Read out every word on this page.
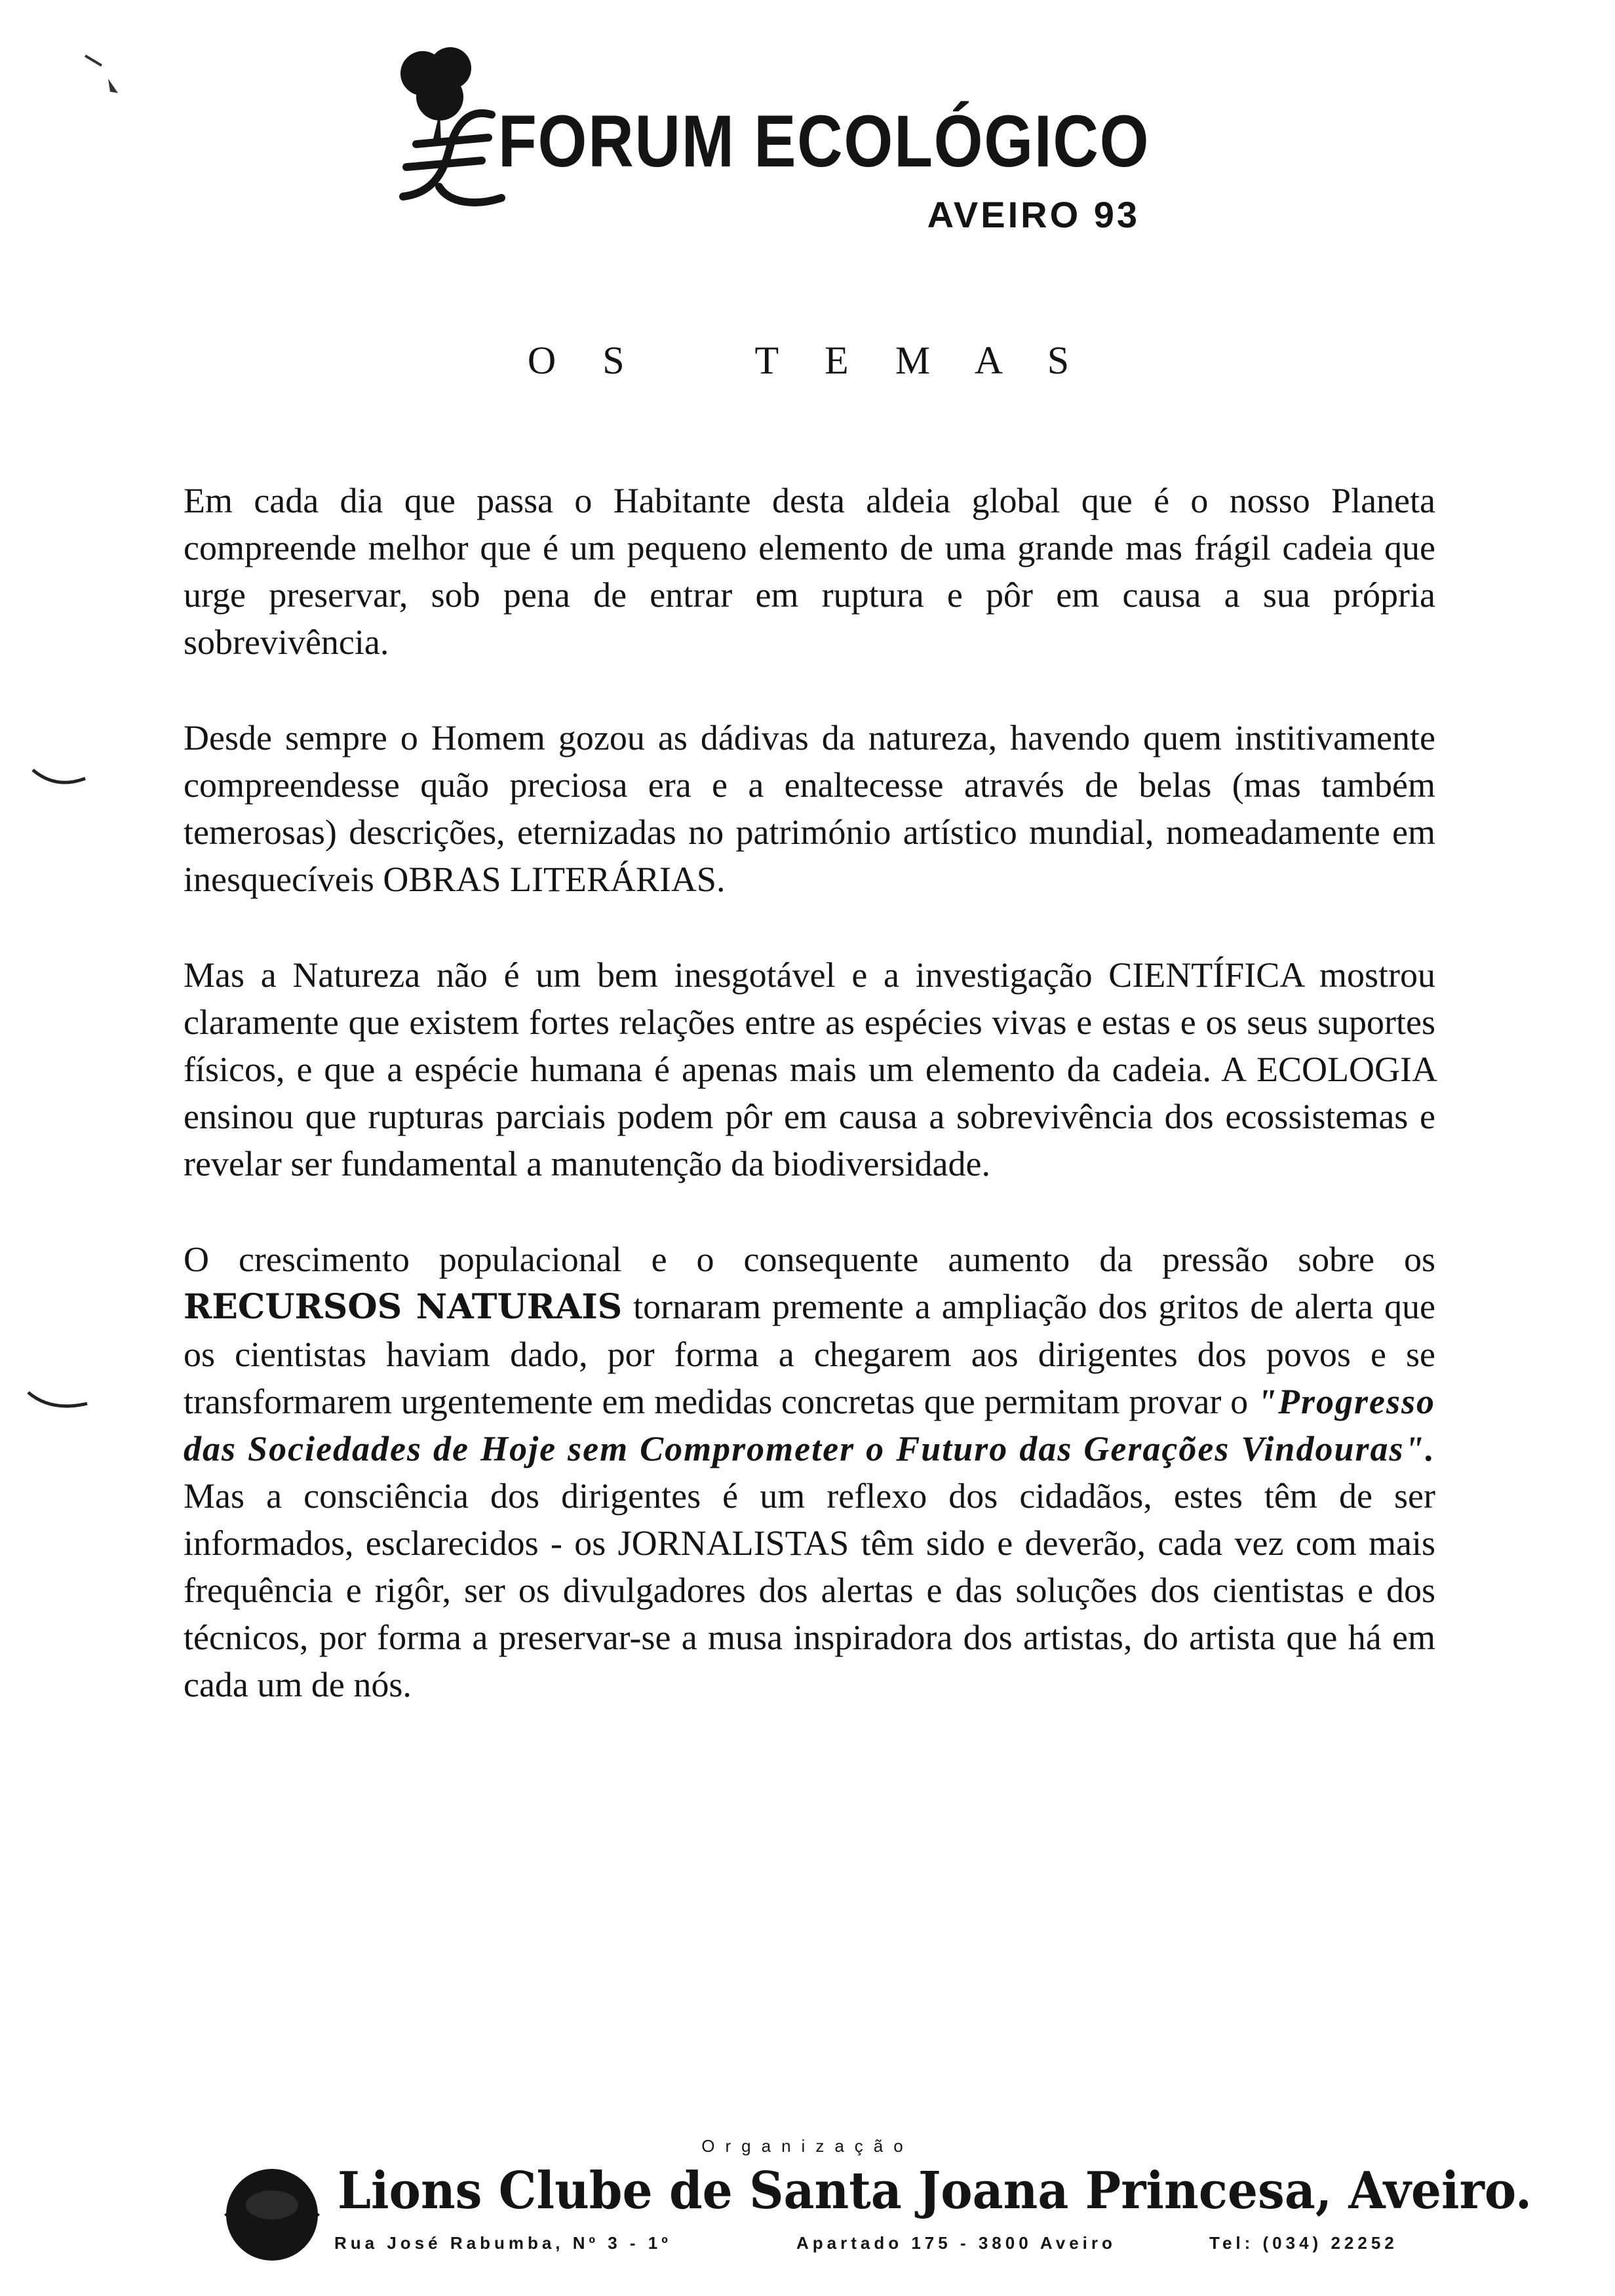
FORUM ECOLÓGICO
AVEIRO 93
O S    T E M A S

Em cada dia que passa o Habitante desta aldeia global que é o nosso Planeta compreende melhor que é um pequeno elemento de uma grande mas frágil cadeia que urge preservar, sob pena de entrar em ruptura e pôr em causa a sua própria sobrevivência.

Desde sempre o Homem gozou as dádivas da natureza, havendo quem institivamente compreendesse quão preciosa era e a enaltecesse através de belas (mas também temerosas) descrições, eternizadas no património artístico mundial, nomeadamente em inesquecíveis OBRAS LITERÁRIAS.

Mas a Natureza não é um bem inesgotável e a investigação CIENTÍFICA mostrou claramente que existem fortes relações entre as espécies vivas e estas e os seus suportes físicos, e que a espécie humana é apenas mais um elemento da cadeia. A ECOLOGIA ensinou que rupturas parciais podem pôr em causa a sobrevivência dos ecossistemas e revelar ser fundamental a manutenção da biodiversidade.

O crescimento populacional e o consequente aumento da pressão sobre os RECURSOS NATURAIS tornaram premente a ampliação dos gritos de alerta que os cientistas haviam dado, por forma a chegarem aos dirigentes dos povos e se transformarem urgentemente em medidas concretas que permitam provar o "Progresso das Sociedades de Hoje sem Comprometer o Futuro das Gerações Vindouras". Mas a consciência dos dirigentes é um reflexo dos cidadãos, estes têm de ser informados, esclarecidos - os JORNALISTAS têm sido e deverão, cada vez com mais frequência e rigôr, ser os divulgadores dos alertas e das soluções dos cientistas e dos técnicos, por forma a preservar-se a musa inspiradora dos artistas, do artista que há em cada um de nós.

Organização
Lions Clube de Santa Joana Princesa, Aveiro.
Rua José Rabumba, Nº 3 - 1º	Apartado 175 - 3800 Aveiro	Tel: (034) 22252
